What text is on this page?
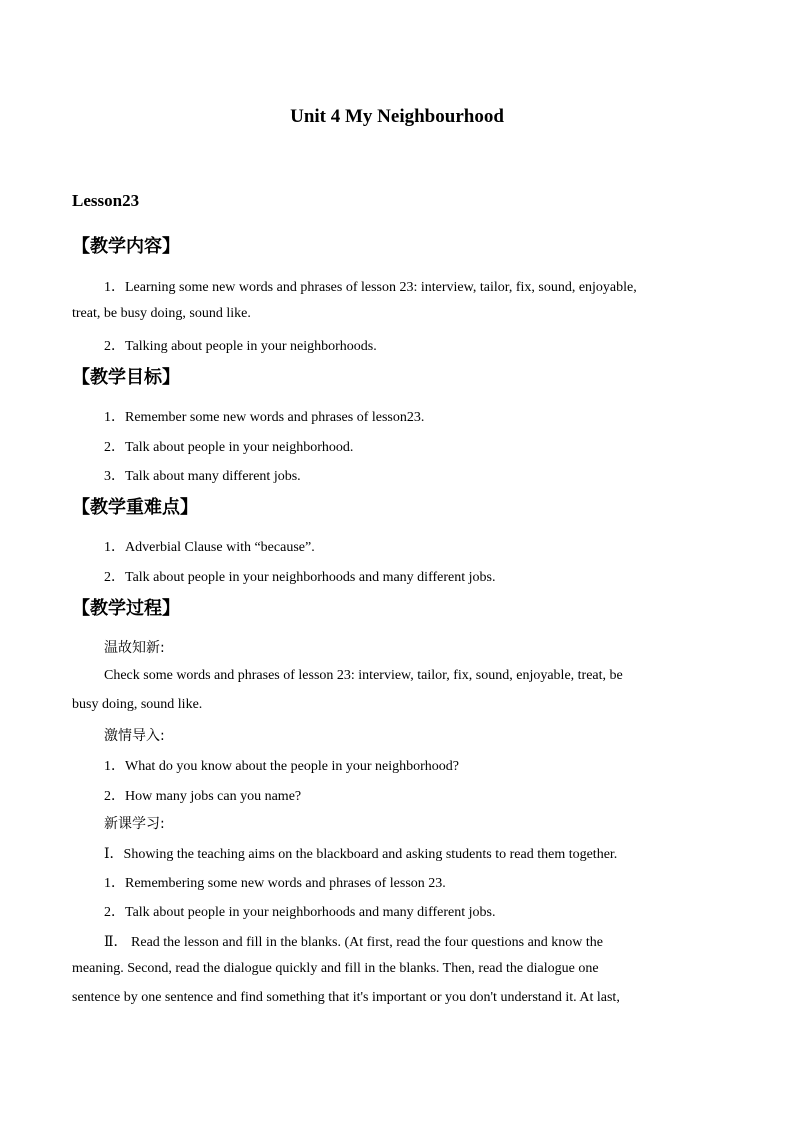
Unit 4 My Neighbourhood
Lesson23
【教学内容】
1．Learning some new words and phrases of lesson 23: interview, tailor, fix, sound, enjoyable,
treat, be busy doing, sound like.
2．Talking about people in your neighborhoods.
【教学目标】
1．Remember some new words and phrases of lesson23.
2．Talk about people in your neighborhood.
3．Talk about many different jobs.
【教学重难点】
1．Adverbial Clause with “because”.
2．Talk about people in your neighborhoods and many different jobs.
【教学过程】
温故知新:
Check some words and phrases of lesson 23: interview, tailor, fix, sound, enjoyable, treat, be
busy doing, sound like.
激情导入:
1．What do you know about the people in your neighborhood?
2．How many jobs can you name?
新课学习:
Ⅰ．Showing the teaching aims on the blackboard and asking students to read them together.
1．Remembering some new words and phrases of lesson 23.
2．Talk about people in your neighborhoods and many different jobs.
Ⅱ． Read the lesson and fill in the blanks. (At first, read the four questions and know the
meaning. Second, read the dialogue quickly and fill in the blanks. Then, read the dialogue one
sentence by one sentence and find something that it's important or you don't understand it. At last,
